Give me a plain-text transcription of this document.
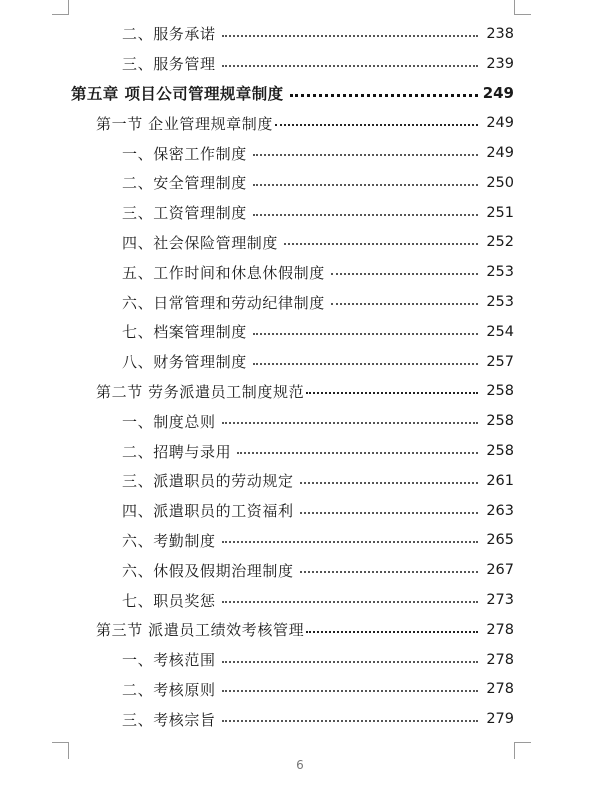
二、服务承诺	238
三、服务管理	239
第五章 项目公司管理规章制度	249
第一节 企业管理规章制度	249
一、保密工作制度	249
二、安全管理制度	250
三、工资管理制度	251
四、社会保险管理制度	252
五、工作时间和休息休假制度	253
六、日常管理和劳动纪律制度	253
七、档案管理制度	254
八、财务管理制度	257
第二节 劳务派遣员工制度规范	258
一、制度总则	258
二、招聘与录用	258
三、派遣职员的劳动规定	261
四、派遣职员的工资福利	263
六、考勤制度	265
六、休假及假期治理制度	267
七、职员奖惩	273
第三节 派遣员工绩效考核管理	278
一、考核范围	278
二、考核原则	278
三、考核宗旨	279
6
